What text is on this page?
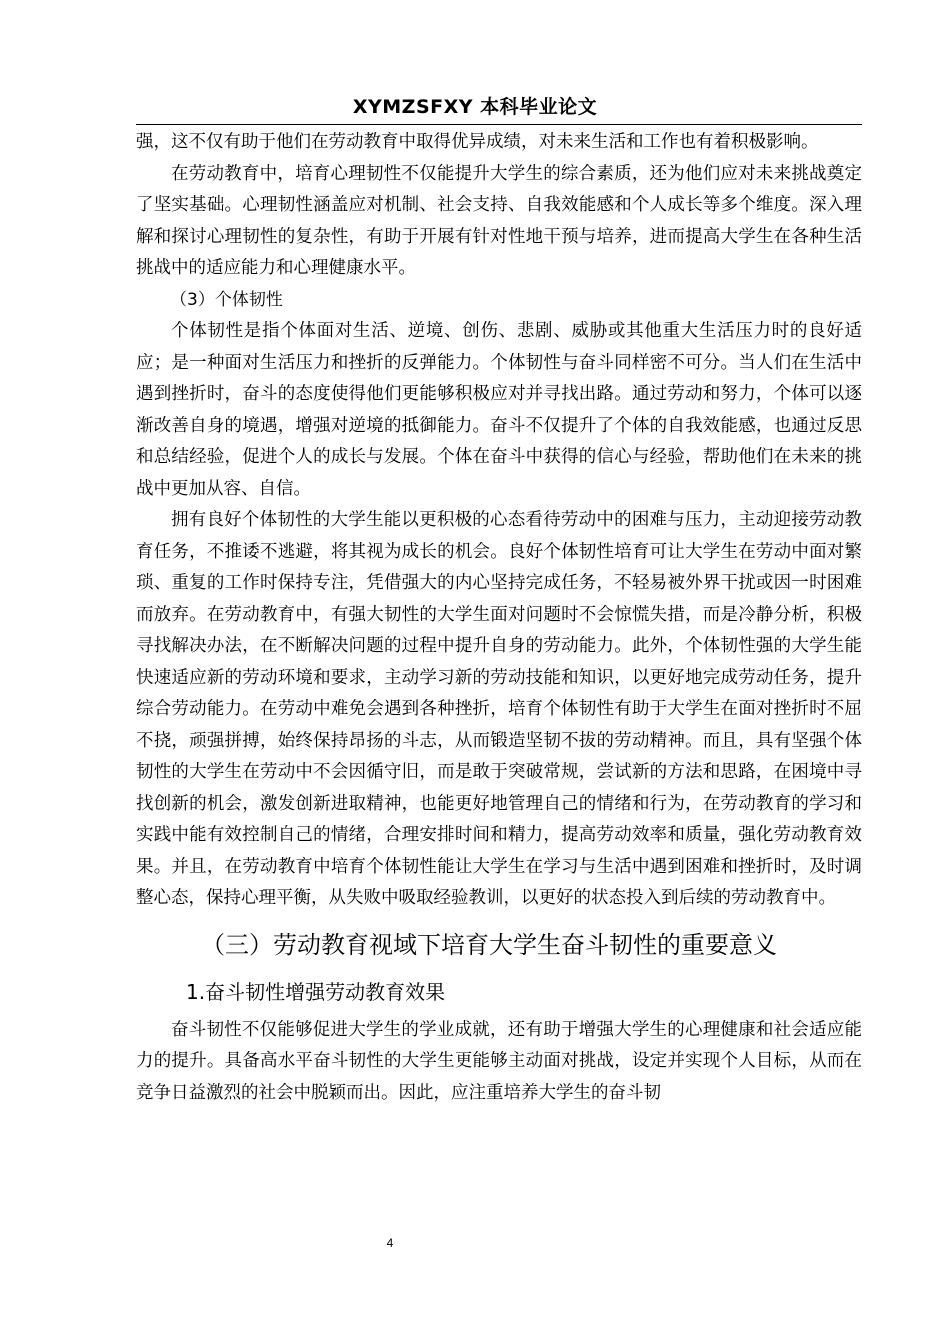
XYMZSFXY 本科毕业论文

强，这不仅有助于他们在劳动教育中取得优异成绩，对未来生活和工作也有着积极影响。

在劳动教育中，培育心理韧性不仅能提升大学生的综合素质，还为他们应对未来挑战奠定了坚实基础。心理韧性涵盖应对机制、社会支持、自我效能感和个人成长等多个维度。深入理解和探讨心理韧性的复杂性，有助于开展有针对性地干预与培养，进而提高大学生在各种生活挑战中的适应能力和心理健康水平。

（3）个体韧性

个体韧性是指个体面对生活、逆境、创伤、悲剧、威胁或其他重大生活压力时的良好适应；是一种面对生活压力和挫折的反弹能力。个体韧性与奋斗同样密不可分。当人们在生活中遇到挫折时，奋斗的态度使得他们更能够积极应对并寻找出路。通过劳动和努力，个体可以逐渐改善自身的境遇，增强对逆境的抵御能力。奋斗不仅提升了个体的自我效能感，也通过反思和总结经验，促进个人的成长与发展。个体在奋斗中获得的信心与经验，帮助他们在未来的挑战中更加从容、自信。

拥有良好个体韧性的大学生能以更积极的心态看待劳动中的困难与压力，主动迎接劳动教育任务，不推诿不逃避，将其视为成长的机会。良好个体韧性培育可让大学生在劳动中面对繁琐、重复的工作时保持专注，凭借强大的内心坚持完成任务，不轻易被外界干扰或因一时困难而放弃。在劳动教育中，有强大韧性的大学生面对问题时不会惊慌失措，而是冷静分析，积极寻找解决办法，在不断解决问题的过程中提升自身的劳动能力。此外，个体韧性强的大学生能快速适应新的劳动环境和要求，主动学习新的劳动技能和知识，以更好地完成劳动任务，提升综合劳动能力。在劳动中难免会遇到各种挫折，培育个体韧性有助于大学生在面对挫折时不屈不挠，顽强拼搏，始终保持昂扬的斗志，从而锻造坚韧不拔的劳动精神。而且，具有坚强个体韧性的大学生在劳动中不会因循守旧，而是敢于突破常规，尝试新的方法和思路，在困境中寻找创新的机会，激发创新进取精神，也能更好地管理自己的情绪和行为，在劳动教育的学习和实践中能有效控制自己的情绪，合理安排时间和精力，提高劳动效率和质量，强化劳动教育效果。并且，在劳动教育中培育个体韧性能让大学生在学习与生活中遇到困难和挫折时，及时调整心态，保持心理平衡，从失败中吸取经验教训，以更好的状态投入到后续的劳动教育中。

（三）劳动教育视域下培育大学生奋斗韧性的重要意义
1.奋斗韧性增强劳动教育效果

奋斗韧性不仅能够促进大学生的学业成就，还有助于增强大学生的心理健康和社会适应能力的提升。具备高水平奋斗韧性的大学生更能够主动面对挑战，设定并实现个人目标，从而在竞争日益激烈的社会中脱颖而出。因此，应注重培养大学生的奋斗韧

4
